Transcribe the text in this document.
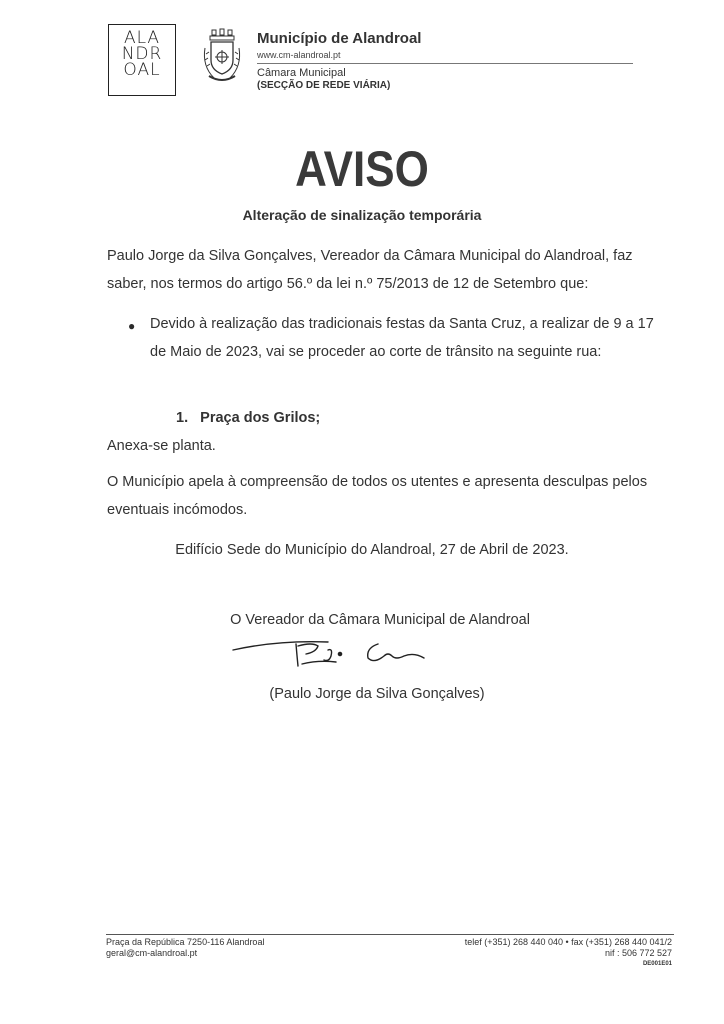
ALA
NDR
OAL
Município de Alandroal
www.cm-alandroal.pt
Câmara Municipal
(SECÇÃO DE REDE VIÁRIA)
AVISO
Alteração de sinalização temporária
Paulo Jorge da Silva Gonçalves, Vereador da Câmara Municipal do Alandroal, faz saber, nos termos do artigo 56.º da lei n.º 75/2013 de 12 de Setembro que:
● Devido à realização das tradicionais festas da Santa Cruz, a realizar de 9 a 17 de Maio de 2023, vai se proceder ao corte de trânsito na seguinte rua:
1.   Praça dos Grilos;
Anexa-se planta.
O Município apela à compreensão de todos os utentes e apresenta desculpas pelos eventuais incómodos.
Edifício Sede do Município do Alandroal, 27 de Abril de 2023.
O Vereador da Câmara Municipal de Alandroal
(Paulo Jorge da Silva Gonçalves)
Praça da República 7250-116 Alandroal
geral@cm-alandroal.pt
telef (+351) 268 440 040 • fax (+351) 268 440 041/2
nif : 506 772 527
DE001E01
